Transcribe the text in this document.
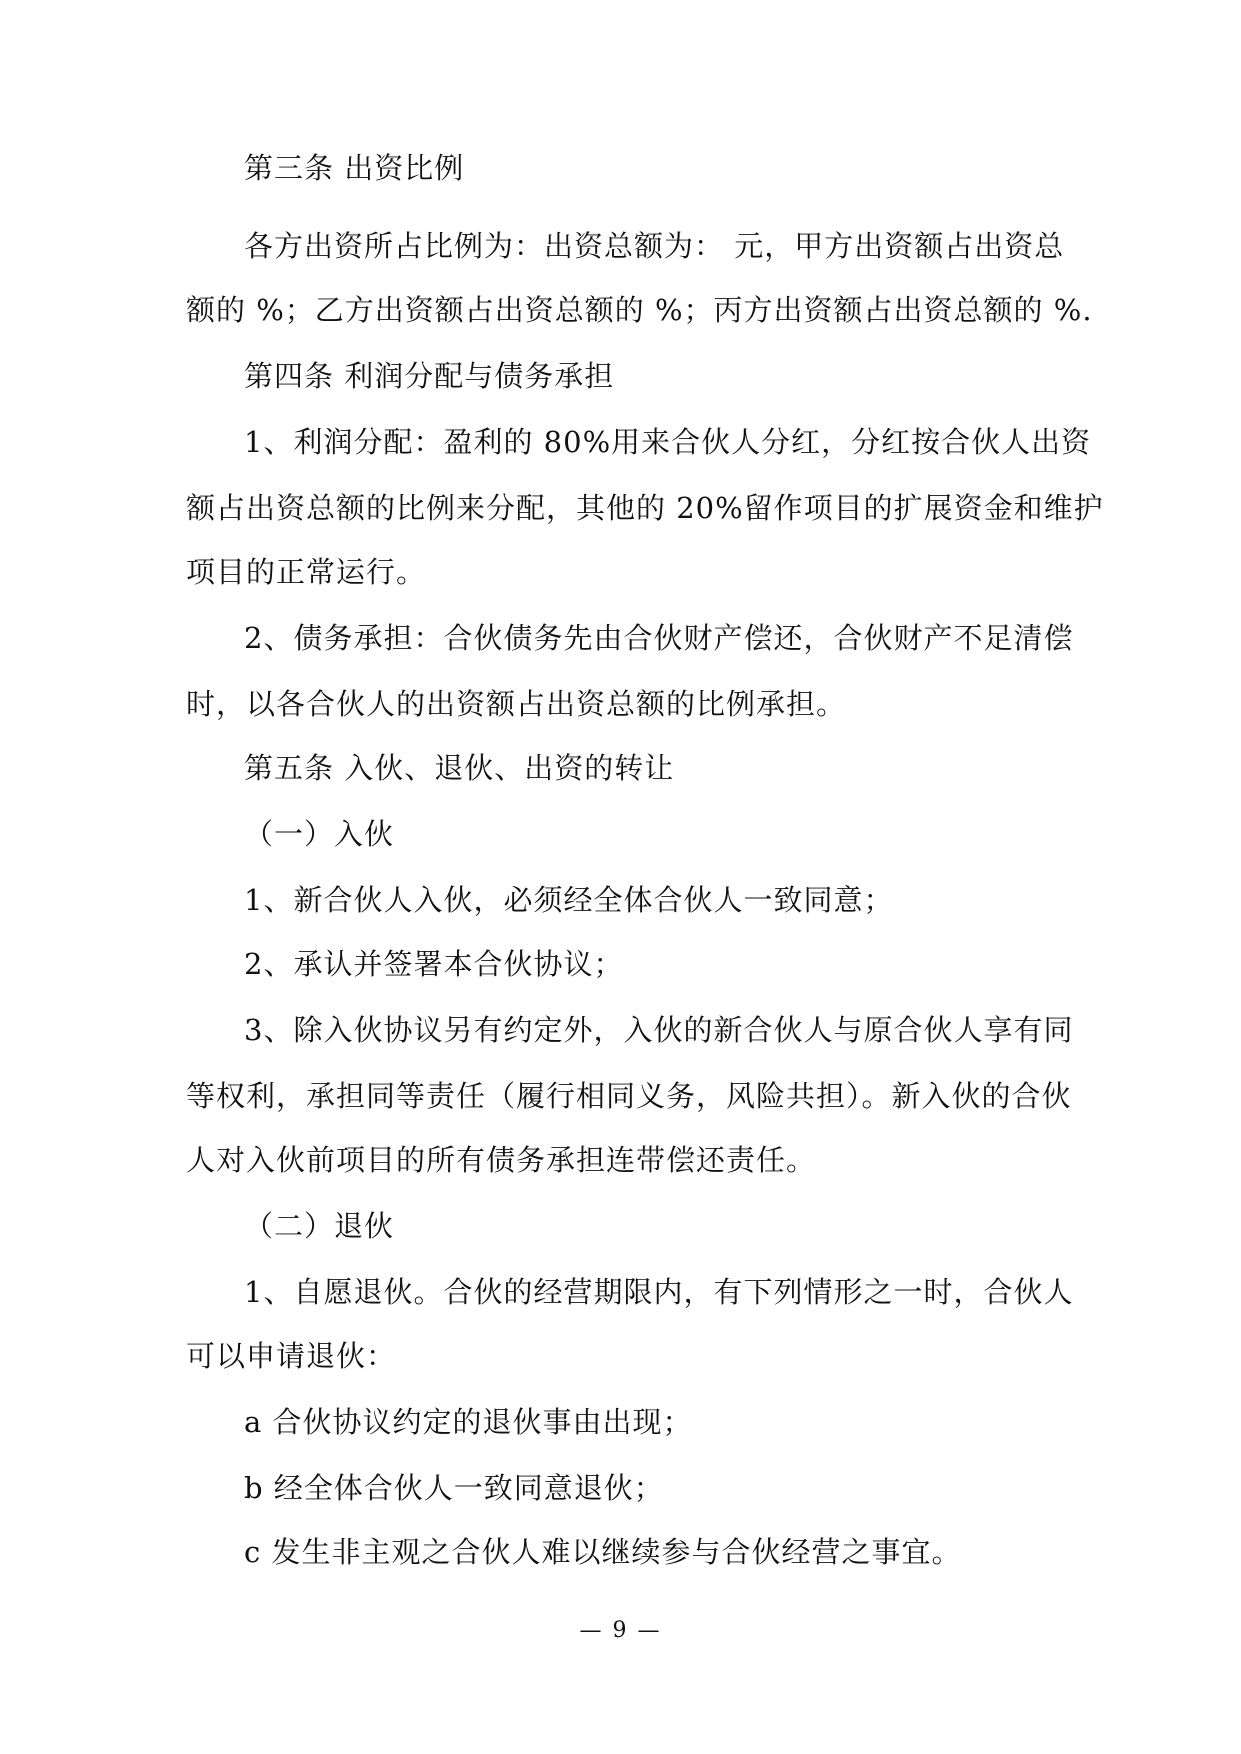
第三条 出资比例
各方出资所占比例为：出资总额为： 元，甲方出资额占出资总
额的 %；乙方出资额占出资总额的 %；丙方出资额占出资总额的 %.
第四条 利润分配与债务承担
1、利润分配：盈利的 80%用来合伙人分红，分红按合伙人出资
额占出资总额的比例来分配，其他的 20%留作项目的扩展资金和维护
项目的正常运行。
2、债务承担：合伙债务先由合伙财产偿还，合伙财产不足清偿
时，以各合伙人的出资额占出资总额的比例承担。
第五条 入伙、退伙、出资的转让
（一）入伙
1、新合伙人入伙，必须经全体合伙人一致同意；
2、承认并签署本合伙协议；
3、除入伙协议另有约定外，入伙的新合伙人与原合伙人享有同
等权利，承担同等责任（履行相同义务，风险共担）。新入伙的合伙
人对入伙前项目的所有债务承担连带偿还责任。
（二）退伙
1、自愿退伙。合伙的经营期限内，有下列情形之一时，合伙人
可以申请退伙：
a 合伙协议约定的退伙事由出现；
b 经全体合伙人一致同意退伙；
c 发生非主观之合伙人难以继续参与合伙经营之事宜。
— 9 —
